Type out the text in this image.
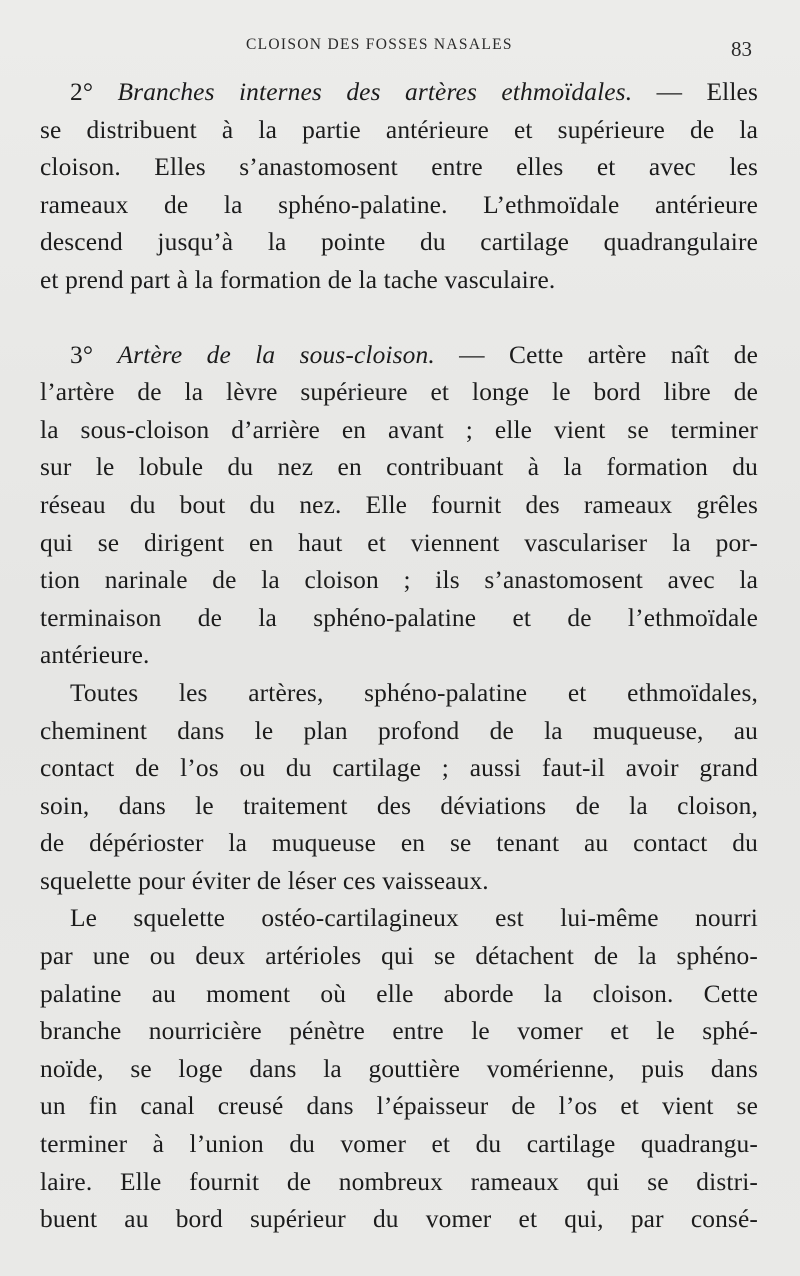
CLOISON DES FOSSES NASALES	83
2° Branches internes des artères ethmoïdales. — Elles
se distribuent à la partie antérieure et supérieure de la
cloison. Elles s’anastomosent entre elles et avec les
rameaux de la sphéno-palatine. L’ethmoïdale antérieure
descend jusqu’à la pointe du cartilage quadrangulaire
et prend part à la formation de la tache vasculaire.
3° Artère de la sous-cloison. — Cette artère naît de
l’artère de la lèvre supérieure et longe le bord libre de
la sous-cloison d’arrière en avant ; elle vient se terminer
sur le lobule du nez en contribuant à la formation du
réseau du bout du nez. Elle fournit des rameaux grêles
qui se dirigent en haut et viennent vasculariser la por-
tion narinale de la cloison ; ils s’anastomosent avec la
terminaison de la sphéno-palatine et de l’ethmoïdale
antérieure.
Toutes les artères, sphéno-palatine et ethmoïdales,
cheminent dans le plan profond de la muqueuse, au
contact de l’os ou du cartilage ; aussi faut-il avoir grand
soin, dans le traitement des déviations de la cloison,
de dépérioster la muqueuse en se tenant au contact du
squelette pour éviter de léser ces vaisseaux.
Le squelette ostéo-cartilagineux est lui-même nourri
par une ou deux artérioles qui se détachent de la sphéno-
palatine au moment où elle aborde la cloison. Cette
branche nourricière pénètre entre le vomer et le sphé-
noïde, se loge dans la gouttière vomérienne, puis dans
un fin canal creusé dans l’épaisseur de l’os et vient se
terminer à l’union du vomer et du cartilage quadrangu-
laire. Elle fournit de nombreux rameaux qui se distri-
buent au bord supérieur du vomer et qui, par consé-
